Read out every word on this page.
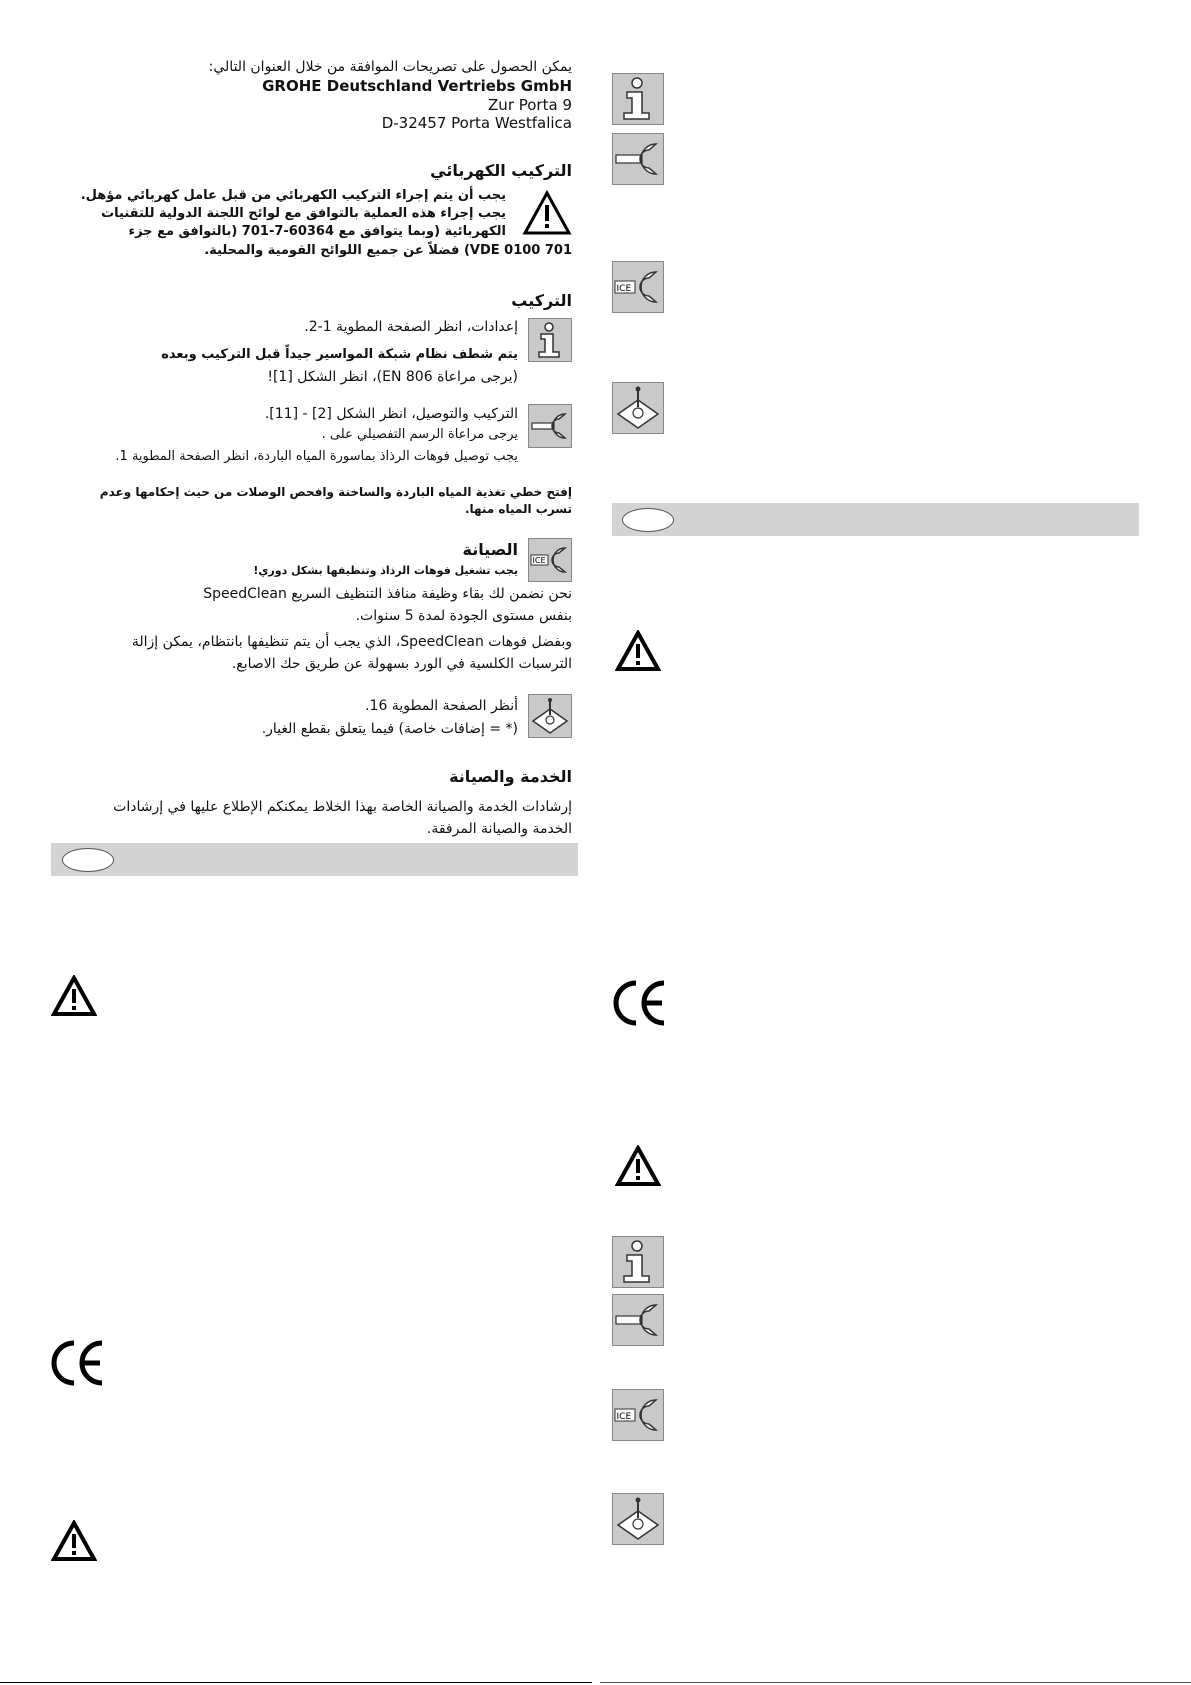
يمكن الحصول على تصريحات الموافقة من خلال العنوان التالي:
GROHE Deutschland Vertriebs GmbH
Zur Porta 9
D-32457 Porta Westfalica
التركيب الكهربائي
يجب أن يتم إجراء التركيب الكهربائي من قبل عامل كهربائي مؤهل.
يجب إجراء هذه العملية بالتوافق مع لوائح اللجنة الدولية للتقنيات
الكهربائية (وبما يتوافق مع 60364-7-701 (بالتوافق مع جزء
VDE 0100 701) فضلاً عن جميع اللوائح القومية والمحلية.
التركيب
إعدادات، انظر الصفحة المطوية 1-2.
يتم شطف نظام شبكة المواسير جيداً قبل التركيب وبعده
(يرجى مراعاة EN 806)، انظر الشكل [1]!
التركيب والتوصيل، انظر الشكل [2] - [11].
يرجى مراعاة الرسم التفصيلي على .
يجب توصيل فوهات الرذاذ بماسورة المياه الباردة، انظر الصفحة المطوية 1.
إفتح خطي تغذية المياه الباردة والساخنة وافحص الوصلات من حيث إحكامها وعدم
تسرب المياه منها.
الصيانة
يجب تشغيل فوهات الرذاذ وتنظيفها بشكل دوري!
ICE
نحن نضمن لك بقاء وظيفة منافذ التنظيف السريع SpeedClean
بنفس مستوى الجودة لمدة 5 سنوات.
وبفضل فوهات SpeedClean، الذي يجب أن يتم تنظيفها بانتظام، يمكن إزالة
الترسبات الكلسية في الورد بسهولة عن طريق حك الاصابع.
أنظر الصفحة المطوية 16.
(* = إضافات خاصة) فيما يتعلق بقطع الغيار.
الخدمة والصيانة
إرشادات الخدمة والصيانة الخاصة بهذا الخلاط يمكنكم الإطلاع عليها في إرشادات
الخدمة والصيانة المرفقة.
ICE
ICE
